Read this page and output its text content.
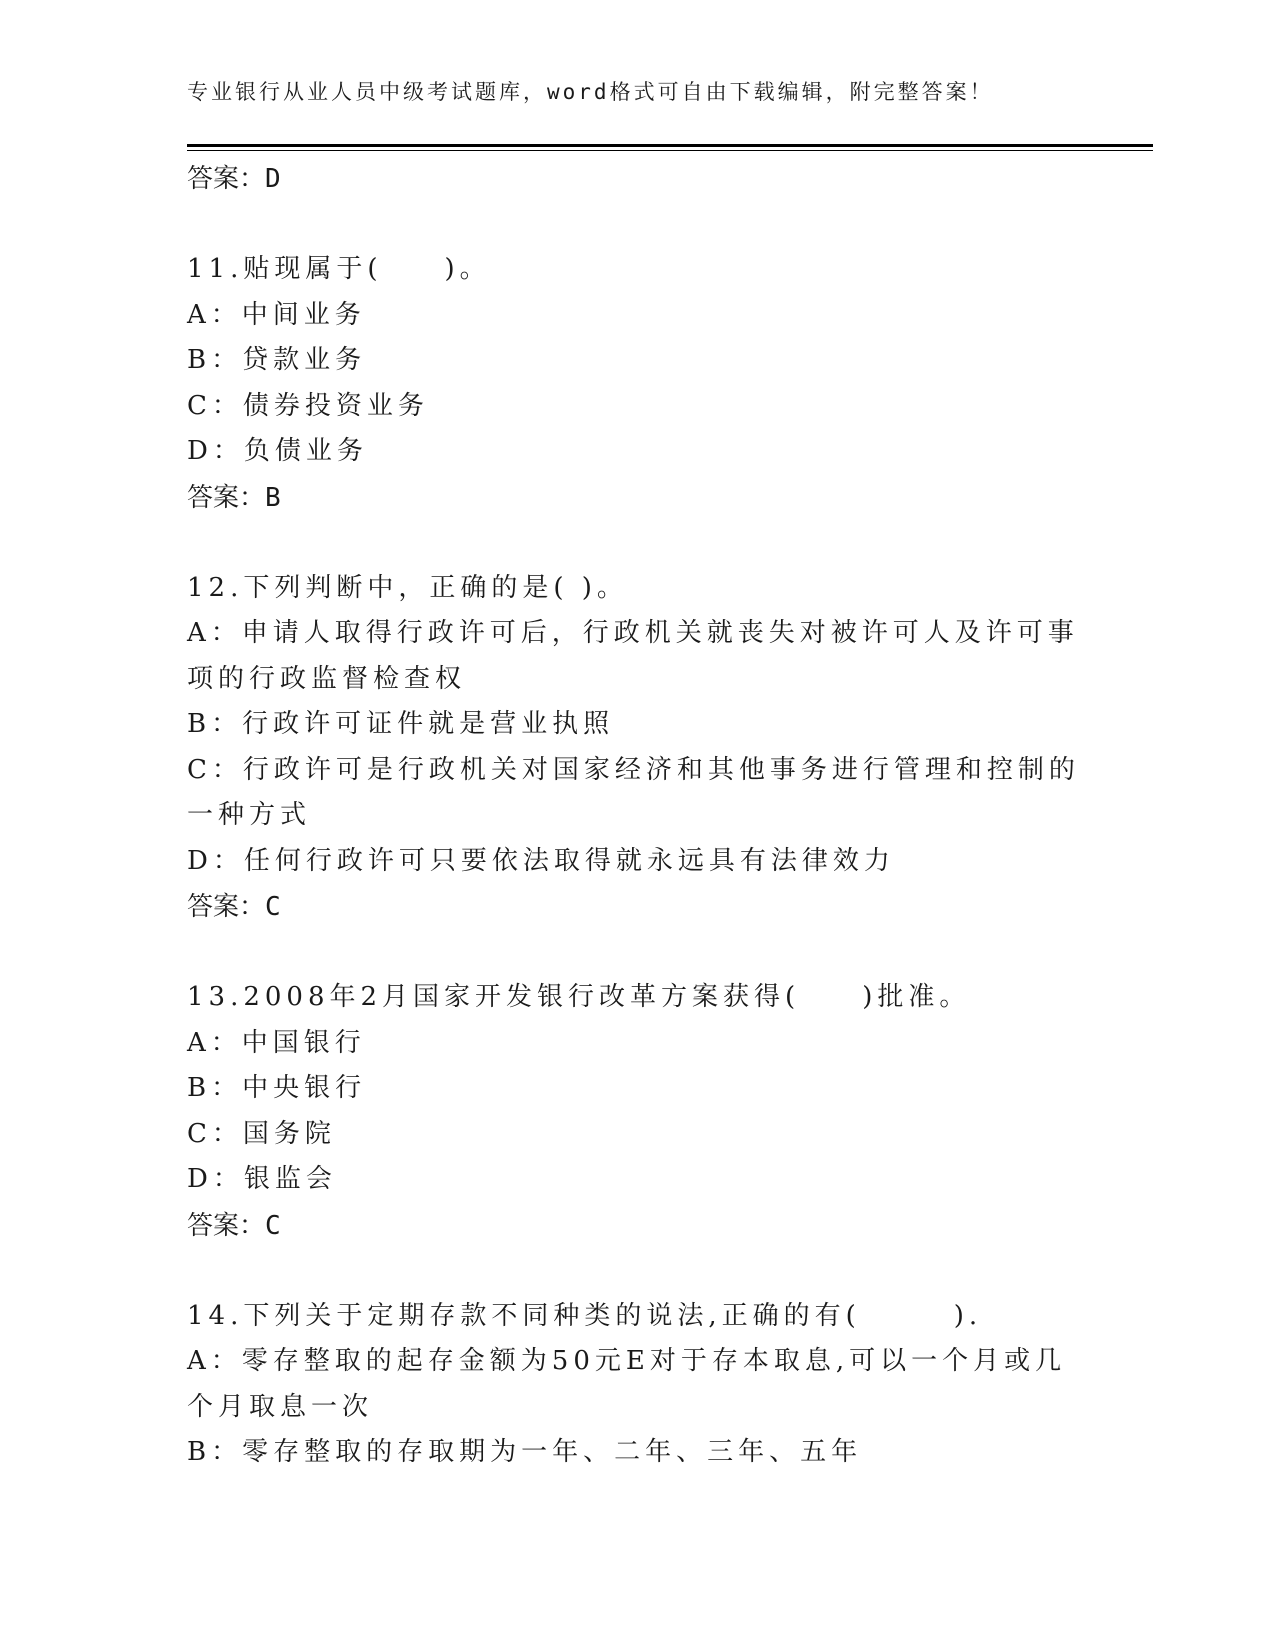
专业银行从业人员中级考试题库，word格式可自由下载编辑，附完整答案！

答案：D

11.贴现属于(　　)。

A：中间业务

B：贷款业务

C：债券投资业务

D：负债业务

答案：B

12.下列判断中，正确的是( )。

A：申请人取得行政许可后，行政机关就丧失对被许可人及许可事项的行政监督检查权

B：行政许可证件就是营业执照

C：行政许可是行政机关对国家经济和其他事务进行管理和控制的一种方式

D：任何行政许可只要依法取得就永远具有法律效力

答案：C

13.2008年2月国家开发银行改革方案获得(　　)批准。

A：中国银行

B：中央银行

C：国务院

D：银监会

答案：C

14.下列关于定期存款不同种类的说法,正确的有(　　　).

A：零存整取的起存金额为50元E对于存本取息,可以一个月或几个月取息一次

B：零存整取的存取期为一年、二年、三年、五年
